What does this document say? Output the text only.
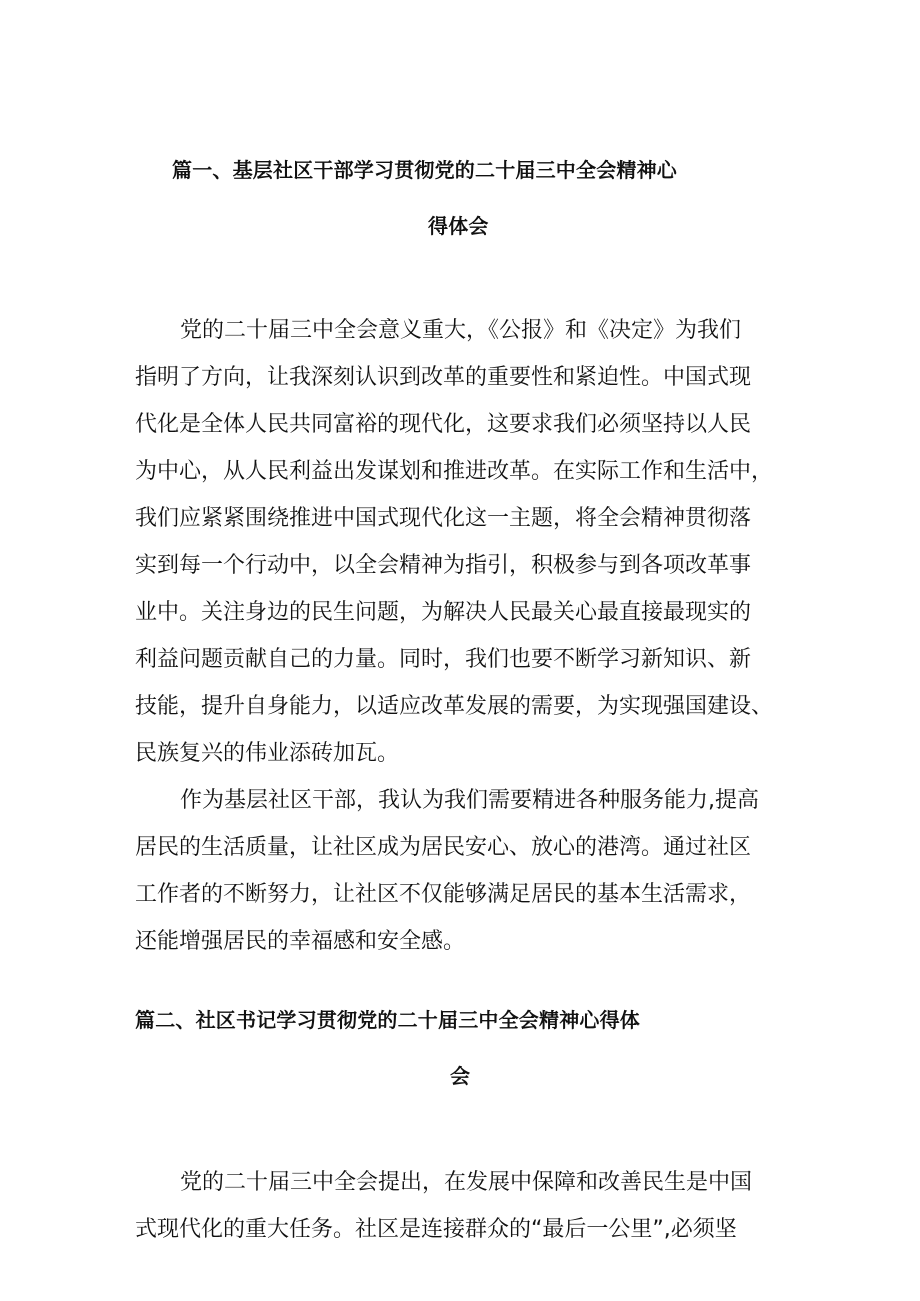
篇一、基层社区干部学习贯彻党的二十届三中全会精神心
得体会
党的二十届三中全会意义重大，《公报》和《决定》为我们
指明了方向，让我深刻认识到改革的重要性和紧迫性。中国式现
代化是全体人民共同富裕的现代化，这要求我们必须坚持以人民
为中心，从人民利益出发谋划和推进改革。在实际工作和生活中，
我们应紧紧围绕推进中国式现代化这一主题，将全会精神贯彻落
实到每一个行动中，以全会精神为指引，积极参与到各项改革事
业中。关注身边的民生问题，为解决人民最关心最直接最现实的
利益问题贡献自己的力量。同时，我们也要不断学习新知识、新
技能，提升自身能力，以适应改革发展的需要，为实现强国建设、
民族复兴的伟业添砖加瓦。
作为基层社区干部，我认为我们需要精进各种服务能力,提高
居民的生活质量，让社区成为居民安心、放心的港湾。通过社区
工作者的不断努力，让社区不仅能够满足居民的基本生活需求，
还能增强居民的幸福感和安全感。
篇二、社区书记学习贯彻党的二十届三中全会精神心得体
会
党的二十届三中全会提出，在发展中保障和改善民生是中国
式现代化的重大任务。社区是连接群众的“最后一公里”,必须坚
